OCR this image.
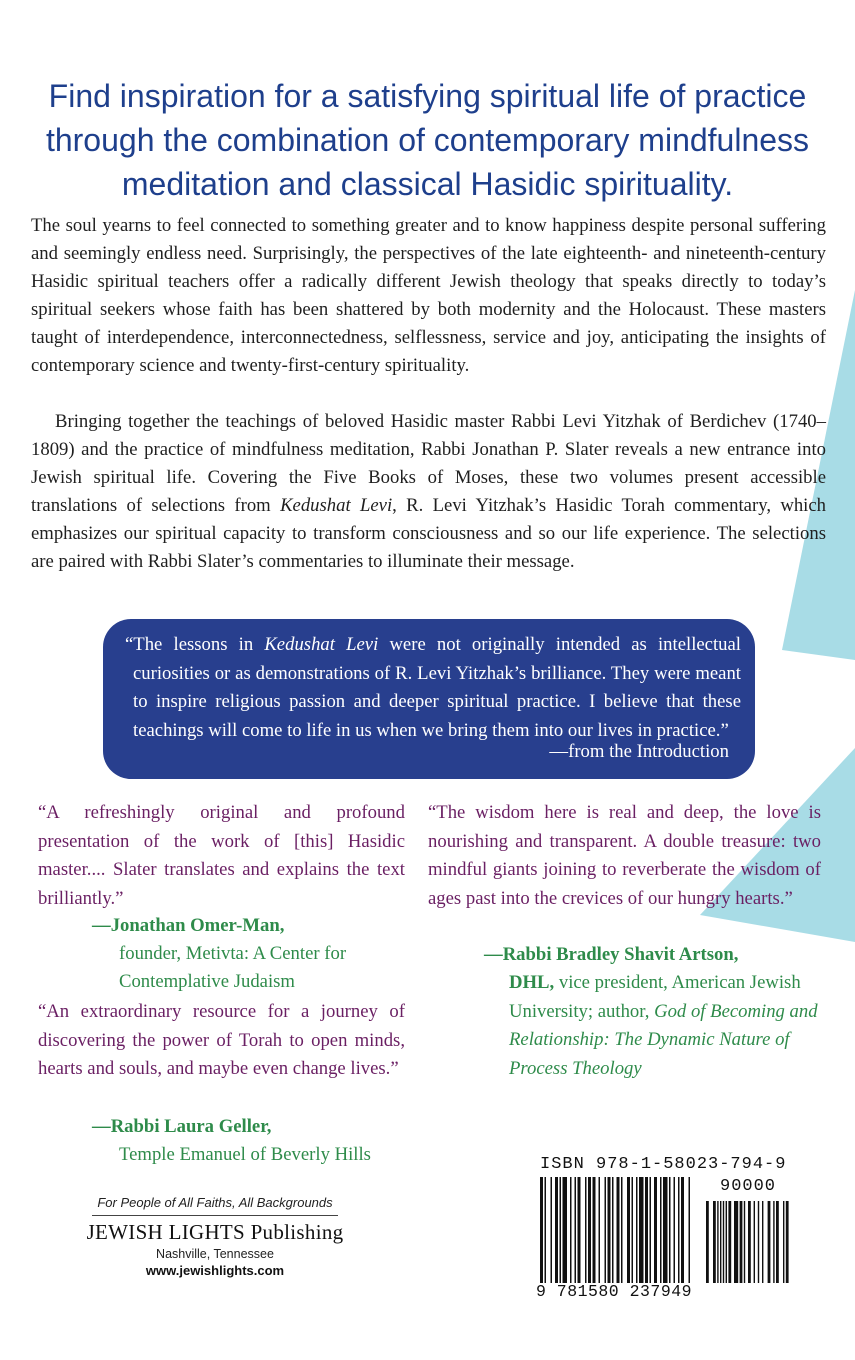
Find inspiration for a satisfying spiritual life of practice through the combination of contemporary mindfulness meditation and classical Hasidic spirituality.

The soul yearns to feel connected to something greater and to know happiness despite personal suffering and seemingly endless need. Surprisingly, the perspectives of the late eighteenth- and nineteenth-century Hasidic spiritual teachers offer a radically different Jewish theology that speaks directly to today’s spiritual seekers whose faith has been shattered by both modernity and the Holocaust. These masters taught of interdependence, interconnectedness, selflessness, service and joy, anticipating the insights of contemporary science and twenty-first-century spirituality.

Bringing together the teachings of beloved Hasidic master Rabbi Levi Yitzhak of Berdichev (1740–1809) and the practice of mindfulness meditation, Rabbi Jonathan P. Slater reveals a new entrance into Jewish spiritual life. Covering the Five Books of Moses, these two volumes present accessible translations of selections from Kedushat Levi, R. Levi Yitzhak’s Hasidic Torah commentary, which emphasizes our spiritual capacity to transform consciousness and so our life experience. The selections are paired with Rabbi Slater’s commentaries to illuminate their message.

“The lessons in Kedushat Levi were not originally intended as intellectual curiosities or as demonstrations of R. Levi Yitzhak’s brilliance. They were meant to inspire religious passion and deeper spiritual practice. I believe that these teachings will come to life in us when we bring them into our lives in practice.”

—from the Introduction

“A refreshingly original and profound presentation of the work of [this] Hasidic master.... Slater translates and explains the text brilliantly.”

—Jonathan Omer-Man,
founder, Metivta: A Center for
Contemplative Judaism

“An extraordinary resource for a journey of discovering the power of Torah to open minds, hearts and souls, and maybe even change lives.”

—Rabbi Laura Geller,
Temple Emanuel of Beverly Hills

“The wisdom here is real and deep, the love is nourishing and transparent. A double treasure: two mindful giants joining to reverberate the wisdom of ages past into the crevices of our hungry hearts.”

—Rabbi Bradley Shavit Artson,
DHL, vice president, American Jewish University; author, God of Becoming and Relationship: The Dynamic Nature of Process Theology
For People of All Faiths, All Backgrounds
JEWISH LIGHTS Publishing
Nashville, Tennessee
www.jewishlights.com
ISBN 978-1-58023-794-9
90000
9 781580 237949
